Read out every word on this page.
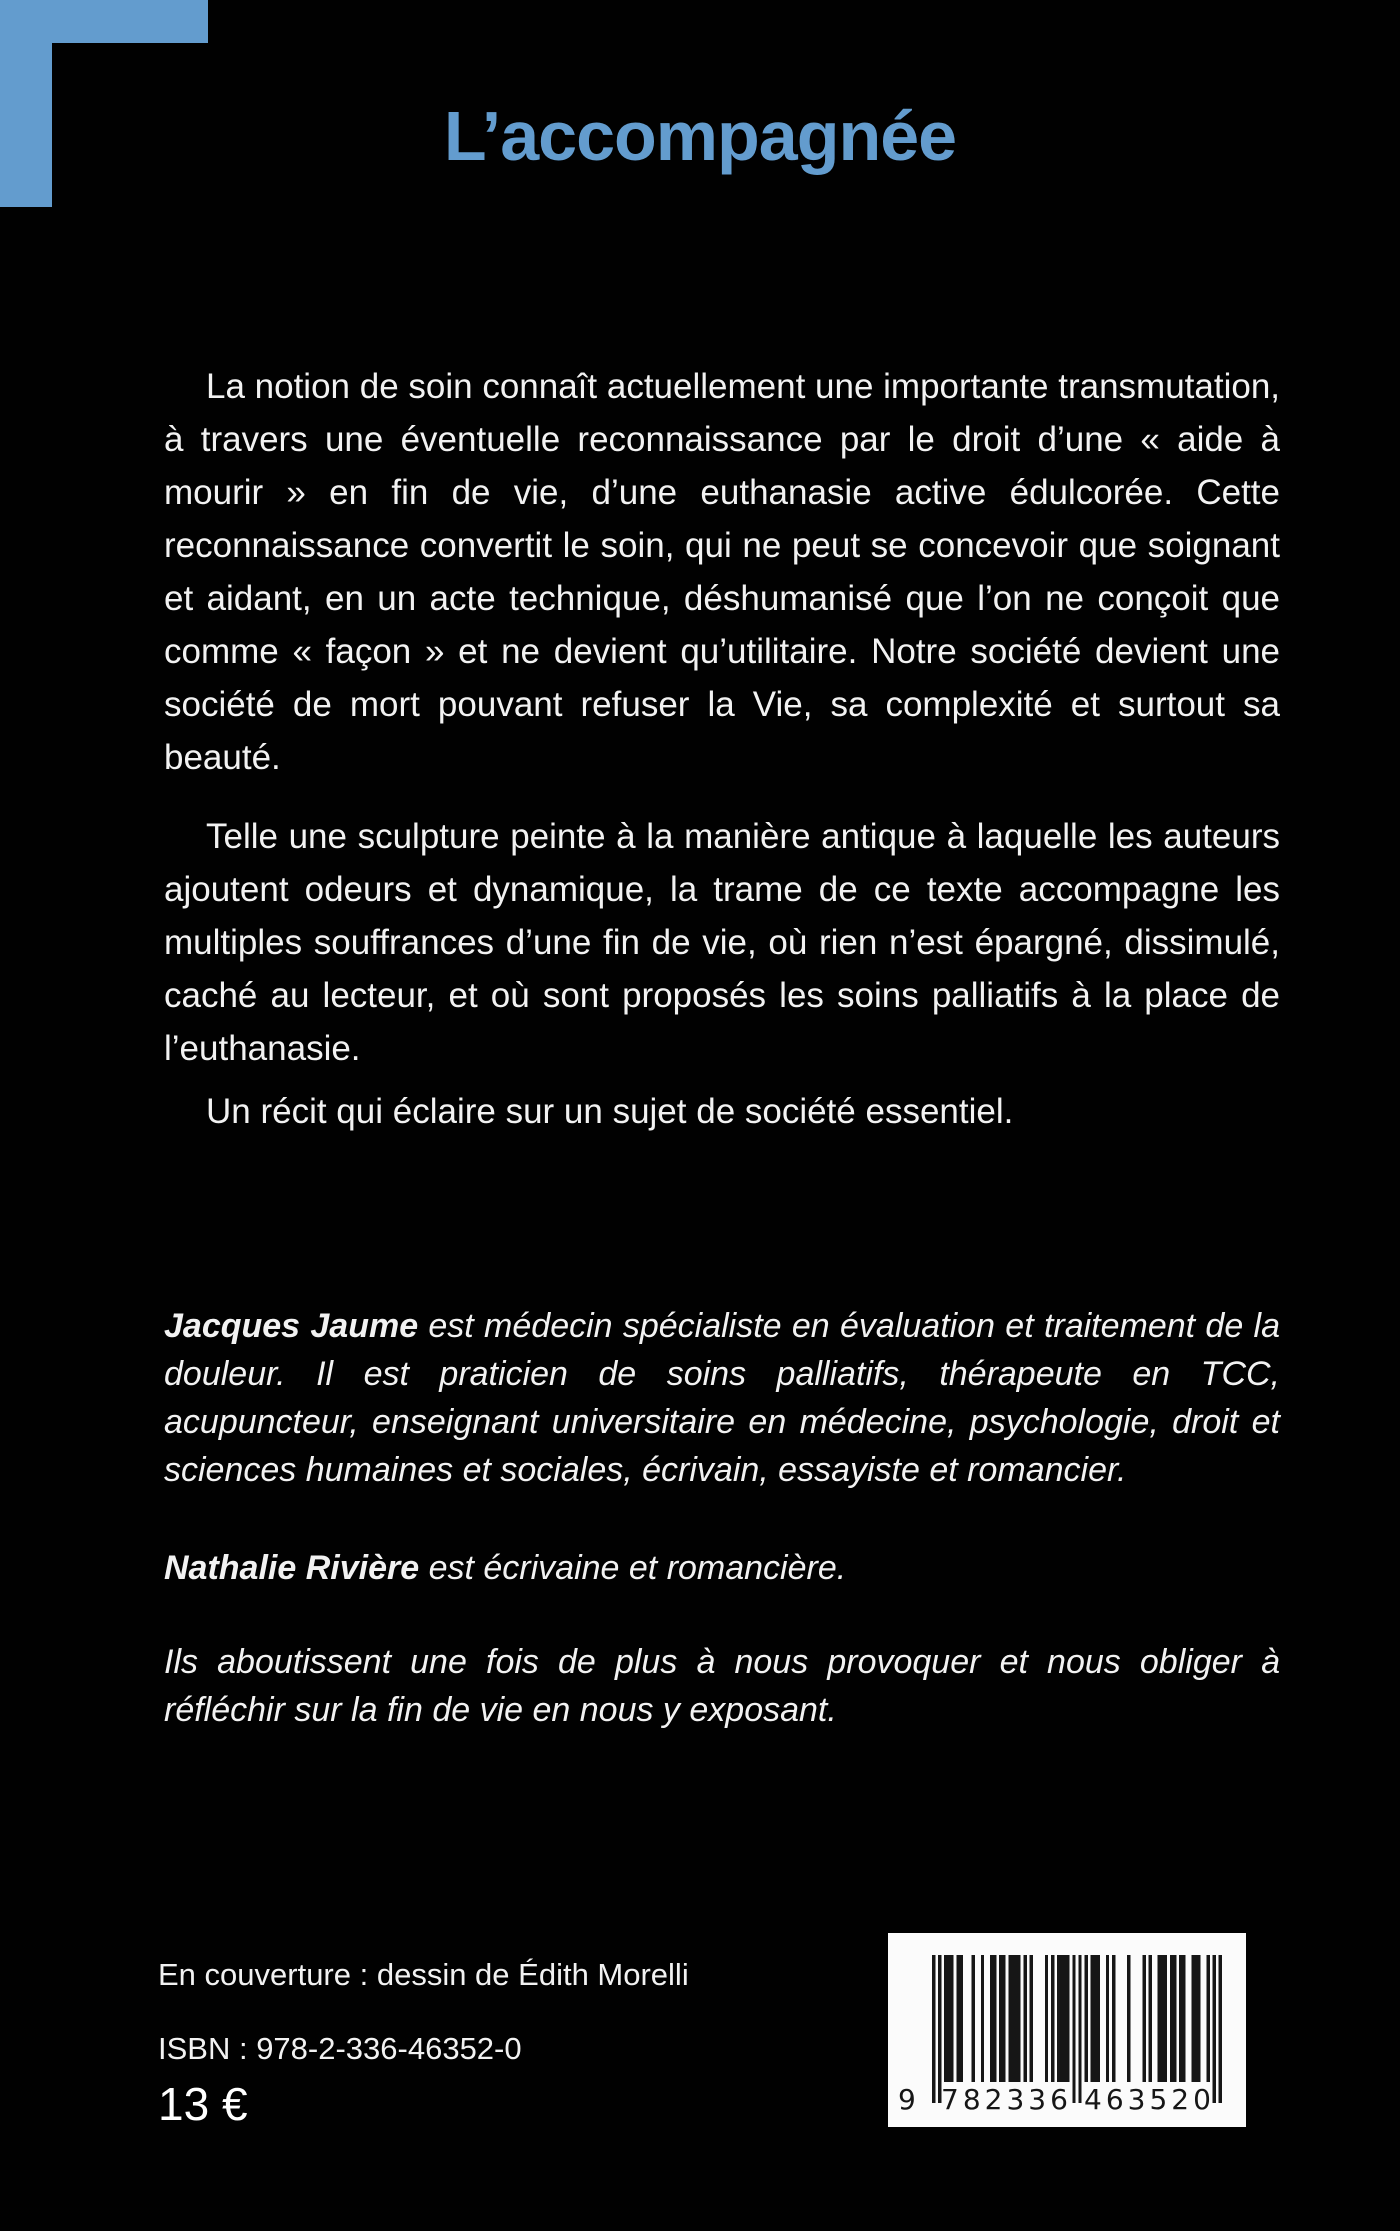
L’accompagnée

La notion de soin connaît actuellement une importante transmutation, à travers une éventuelle reconnaissance par le droit d’une « aide à mourir » en fin de vie, d’une euthanasie active édulcorée. Cette reconnaissance convertit le soin, qui ne peut se concevoir que soignant et aidant, en un acte technique, déshumanisé que l’on ne conçoit que comme « façon » et ne devient qu’utilitaire. Notre société devient une société de mort pouvant refuser la Vie, sa complexité et surtout sa beauté.

Telle une sculpture peinte à la manière antique à laquelle les auteurs ajoutent odeurs et dynamique, la trame de ce texte accompagne les multiples souffrances d’une fin de vie, où rien n’est épargné, dissimulé, caché au lecteur, et où sont proposés les soins palliatifs à la place de l’euthanasie.

Un récit qui éclaire sur un sujet de société essentiel.

Jacques Jaume est médecin spécialiste en évaluation et traitement de la douleur. Il est praticien de soins palliatifs, thérapeute en TCC, acupuncteur, enseignant universitaire en médecine, psychologie, droit et sciences humaines et sociales, écrivain, essayiste et romancier.

Nathalie Rivière est écrivaine et romancière.

Ils aboutissent une fois de plus à nous provoquer et nous obliger à réfléchir sur la fin de vie en nous y exposant.

En couverture : dessin de Édith Morelli
ISBN : 978-2-336-46352-0
13 €	9 782336 463520
